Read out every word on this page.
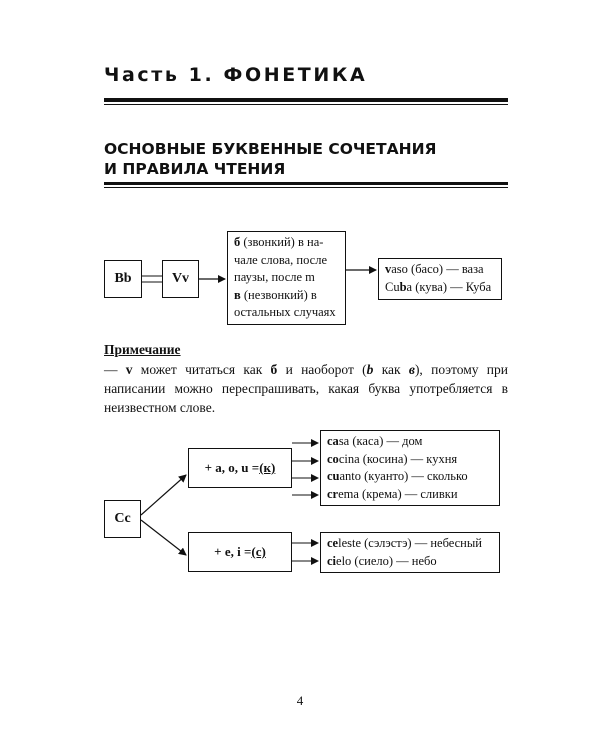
Часть 1. ФОНЕТИКА
ОСНОВНЫЕ БУКВЕННЫЕ СОЧЕТАНИЯ
И ПРАВИЛА ЧТЕНИЯ
Bb	Vv
б (звонкий) в на-
чале слова, после
паузы, после m
в (незвонкий) в
остальных случаях
vaso (басо) — ваза
Cuba (кува) — Куба
Примечание
— v может читаться как б и наоборот (b как в), поэтому при написании можно переспрашивать, какая буква употребляется в неизвестном слове.
Cc
+ a, o, u = (к)
+ e, i = (с)
casa (каса) — дом
cocina (косина) — кухня
cuanto (куанто) — сколько
crema (крема) — сливки
celeste (сэлэстэ) — небесный
cielo (сиело) — небо
4
